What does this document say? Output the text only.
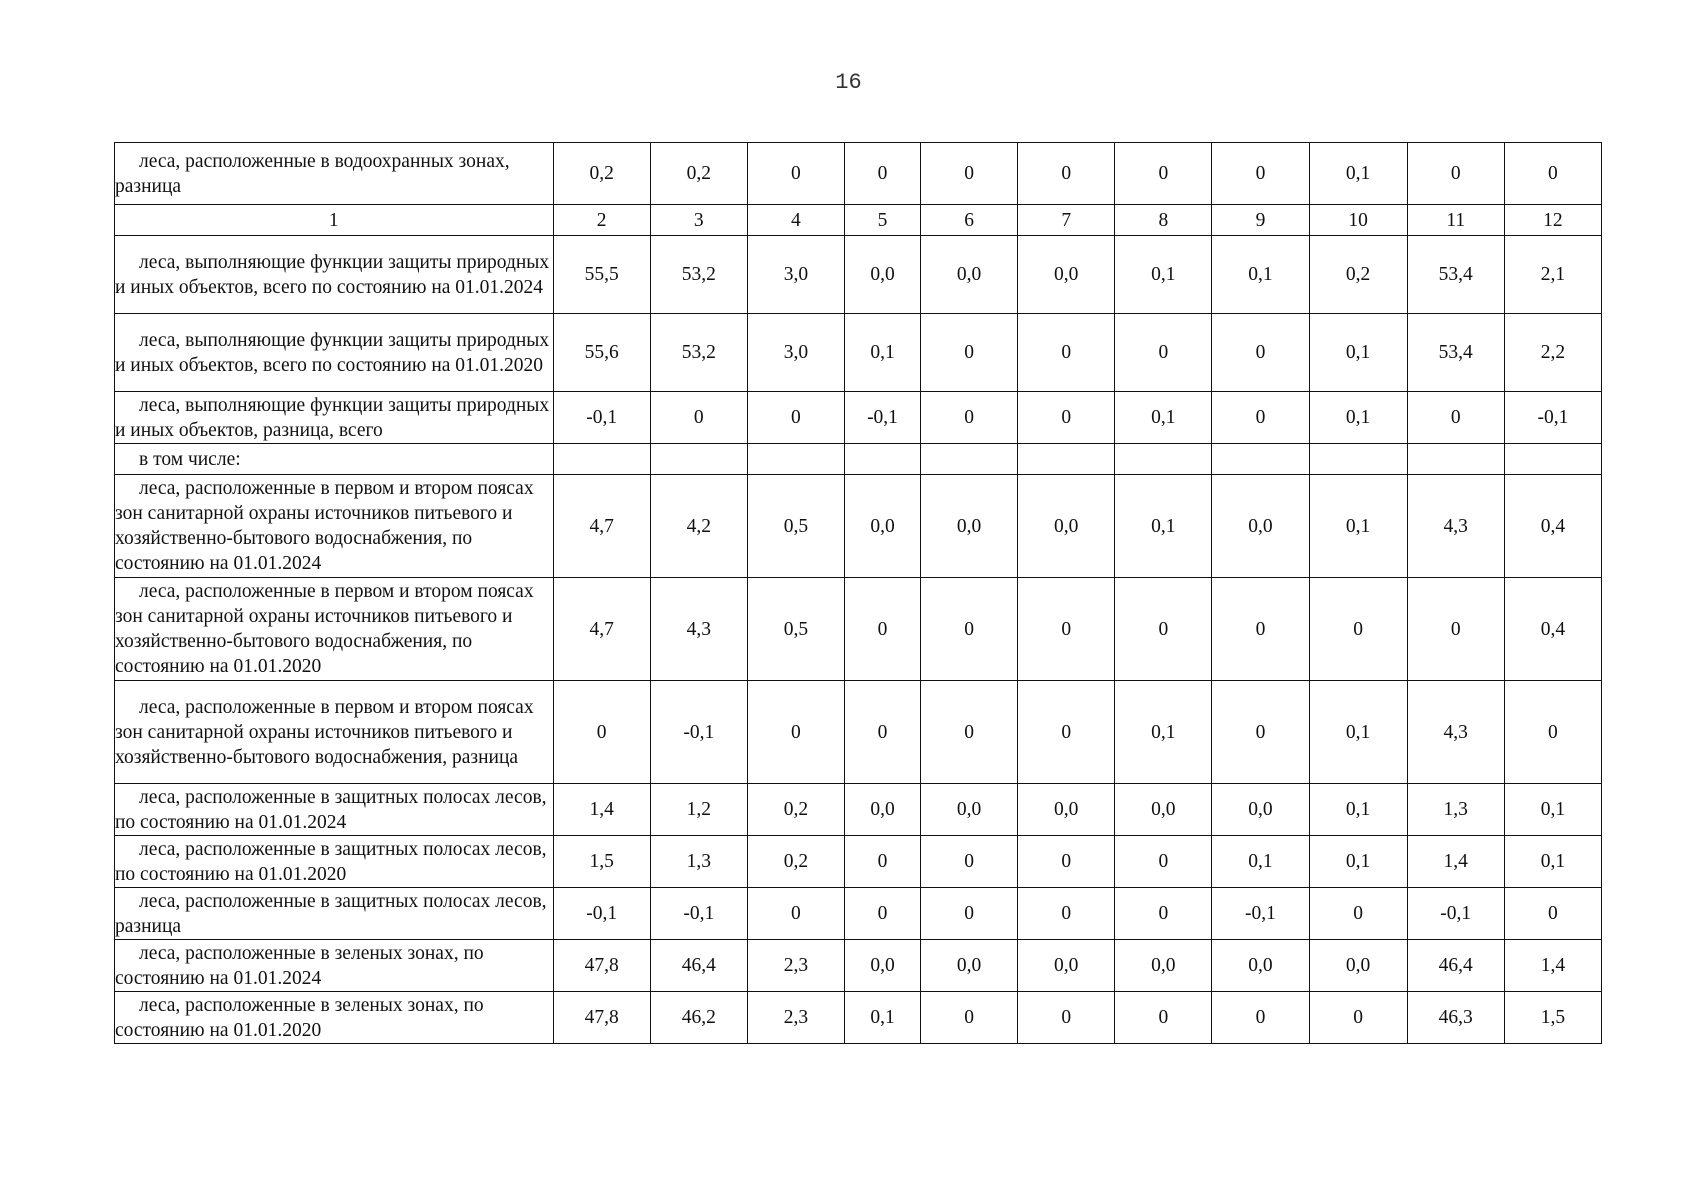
16
леса, расположенные в водоохранных зонах, разница	0,2	0,2	0	0	0	0	0	0	0,1	0	0
1	2	3	4	5	6	7	8	9	10	11	12
леса, выполняющие функции защиты природных и иных объектов, всего по состоянию на 01.01.2024	55,5	53,2	3,0	0,0	0,0	0,0	0,1	0,1	0,2	53,4	2,1
леса, выполняющие функции защиты природных и иных объектов, всего по состоянию на 01.01.2020	55,6	53,2	3,0	0,1	0	0	0	0	0,1	53,4	2,2
леса, выполняющие функции защиты природных и иных объектов, разница, всего	-0,1	0	0	-0,1	0	0	0,1	0	0,1	0	-0,1
в том числе:											
леса, расположенные в первом и втором поясах зон санитарной охраны источников питьевого и хозяйственно-бытового водоснабжения, по состоянию на 01.01.2024	4,7	4,2	0,5	0,0	0,0	0,0	0,1	0,0	0,1	4,3	0,4
леса, расположенные в первом и втором поясах зон санитарной охраны источников питьевого и хозяйственно-бытового водоснабжения, по состоянию на 01.01.2020	4,7	4,3	0,5	0	0	0	0	0	0	0	0,4
леса, расположенные в первом и втором поясах зон санитарной охраны источников питьевого и хозяйственно-бытового водоснабжения, разница	0	-0,1	0	0	0	0	0,1	0	0,1	4,3	0
леса, расположенные в защитных полосах лесов, по состоянию на 01.01.2024	1,4	1,2	0,2	0,0	0,0	0,0	0,0	0,0	0,1	1,3	0,1
леса, расположенные в защитных полосах лесов, по состоянию на 01.01.2020	1,5	1,3	0,2	0	0	0	0	0,1	0,1	1,4	0,1
леса, расположенные в защитных полосах лесов, разница	-0,1	-0,1	0	0	0	0	0	-0,1	0	-0,1	0
леса, расположенные в зеленых зонах, по состоянию на 01.01.2024	47,8	46,4	2,3	0,0	0,0	0,0	0,0	0,0	0,0	46,4	1,4
леса, расположенные в зеленых зонах, по состоянию на 01.01.2020	47,8	46,2	2,3	0,1	0	0	0	0	0	46,3	1,5
